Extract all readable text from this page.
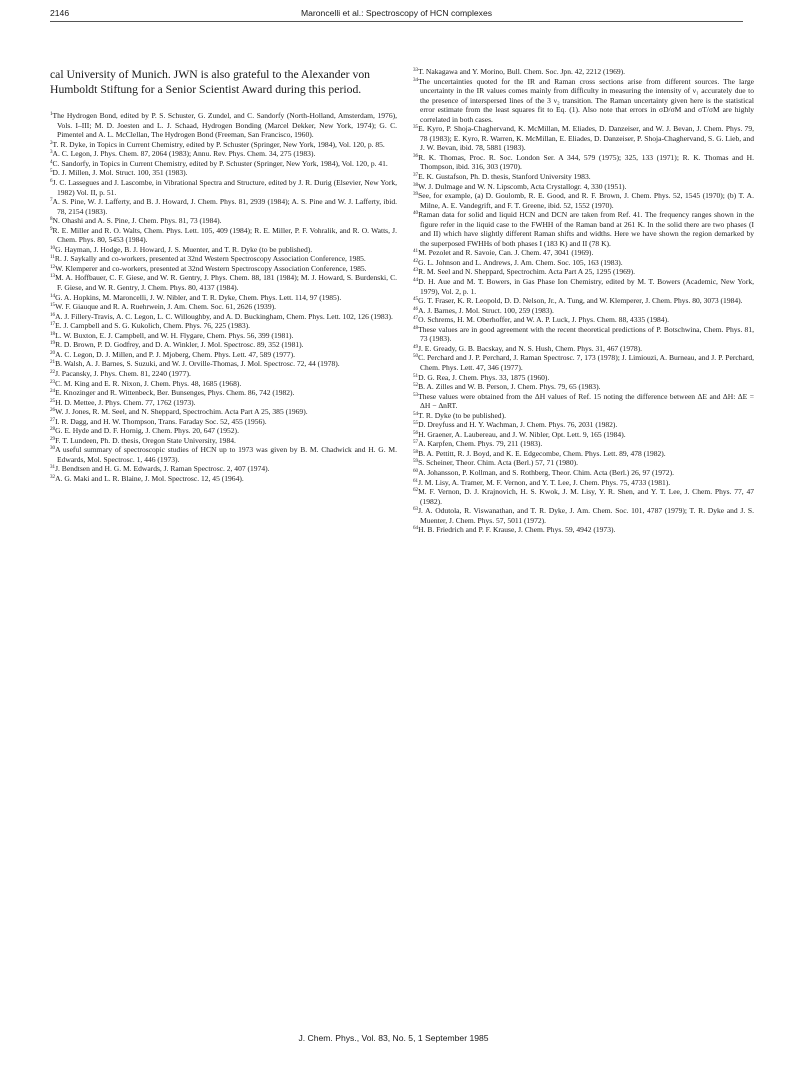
2146	Maroncelli et al.: Spectroscopy of HCN complexes

cal University of Munich. JWN is also grateful to the Alexander von Humboldt Stiftung for a Senior Scientist Award during this period.

$^1$The Hydrogen Bond, edited by P. S. Schuster, G. Zundel, and C. Sandorfy (North-Holland, Amsterdam, 1976), Vols. I–III; M. D. Joesten and L. J. Schaad, Hydrogen Bonding (Marcel Dekker, New York, 1974); G. C. Pimentel and A. L. McClellan, The Hydrogen Bond (Freeman, San Francisco, 1960).

$^2$T. R. Dyke, in Topics in Current Chemistry, edited by P. Schuster (Springer, New York, 1984), Vol. 120, p. 85.

$^3$A. C. Legon, J. Phys. Chem. 87, 2064 (1983); Annu. Rev. Phys. Chem. 34, 275 (1983).

$^4$C. Sandorfy, in Topics in Current Chemistry, edited by P. Schuster (Springer, New York, 1984), Vol. 120, p. 41.

$^5$D. J. Millen, J. Mol. Struct. 100, 351 (1983).

$^6$J. C. Lassegues and J. Lascombe, in Vibrational Spectra and Structure, edited by J. R. Durig (Elsevier, New York, 1982) Vol. II, p. 51.

$^7$A. S. Pine, W. J. Lafferty, and B. J. Howard, J. Chem. Phys. 81, 2939 (1984); A. S. Pine and W. J. Lafferty, ibid. 78, 2154 (1983).

$^8$N. Ohashi and A. S. Pine, J. Chem. Phys. 81, 73 (1984).

$^9$R. E. Miller and R. O. Walts, Chem. Phys. Lett. 105, 409 (1984); R. E. Miller, P. F. Vohralik, and R. O. Watts, J. Chem. Phys. 80, 5453 (1984).

$^{10}$G. Hayman, J. Hodge, B. J. Howard, J. S. Muenter, and T. R. Dyke (to be published).

$^{11}$R. J. Saykally and co-workers, presented at 32nd Western Spectroscopy Association Conference, 1985.

$^{12}$W. Klemperer and co-workers, presented at 32nd Western Spectroscopy Association Conference, 1985.

$^{13}$M. A. Hoffbauer, C. F. Giese, and W. R. Gentry, J. Phys. Chem. 88, 181 (1984); M. J. Howard, S. Burdenski, C. F. Giese, and W. R. Gentry, J. Chem. Phys. 80, 4137 (1984).

$^{14}$G. A. Hopkins, M. Maroncelli, J. W. Nibler, and T. R. Dyke, Chem. Phys. Lett. 114, 97 (1985).

$^{15}$W. F. Giauque and R. A. Ruehrwein, J. Am. Chem. Soc. 61, 2626 (1939).

$^{16}$A. J. Fillery-Travis, A. C. Legon, L. C. Willoughby, and A. D. Buckingham, Chem. Phys. Lett. 102, 126 (1983).

$^{17}$E. J. Campbell and S. G. Kukolich, Chem. Phys. 76, 225 (1983).

$^{18}$L. W. Buxton, E. J. Campbell, and W. H. Flygare, Chem. Phys. 56, 399 (1981).

$^{19}$R. D. Brown, P. D. Godfrey, and D. A. Winkler, J. Mol. Spectrosc. 89, 352 (1981).

$^{20}$A. C. Legon, D. J. Millen, and P. J. Mjoberg, Chem. Phys. Lett. 47, 589 (1977).

$^{21}$B. Walsh, A. J. Barnes, S. Suzuki, and W. J. Orville-Thomas, J. Mol. Spectrosc. 72, 44 (1978).

$^{22}$J. Pacansky, J. Phys. Chem. 81, 2240 (1977).

$^{23}$C. M. King and E. R. Nixon, J. Chem. Phys. 48, 1685 (1968).

$^{24}$E. Knozinger and R. Wittenbeck, Ber. Bunsenges, Phys. Chem. 86, 742 (1982).

$^{25}$H. D. Mettee, J. Phys. Chem. 77, 1762 (1973).

$^{26}$W. J. Jones, R. M. Seel, and N. Sheppard, Spectrochim. Acta Part A 25, 385 (1969).

$^{27}$I. R. Dagg, and H. W. Thompson, Trans. Faraday Soc. 52, 455 (1956).

$^{28}$G. E. Hyde and D. F. Hornig, J. Chem. Phys. 20, 647 (1952).

$^{29}$F. T. Lundeen, Ph. D. thesis, Oregon State University, 1984.

$^{30}$A useful summary of spectroscopic studies of HCN up to 1973 was given by B. M. Chadwick and H. G. M. Edwards, Mol. Spectrosc. 1, 446 (1973).

$^{31}$J. Bendtsen and H. G. M. Edwards, J. Raman Spectrosc. 2, 407 (1974).

$^{32}$A. G. Maki and L. R. Blaine, J. Mol. Spectrosc. 12, 45 (1964).

$^{33}$T. Nakagawa and Y. Morino, Bull. Chem. Soc. Jpn. 42, 2212 (1969).

$^{34}$The uncertainties quoted for the IR and Raman cross sections arise from different sources. The large uncertainty in the IR values comes mainly from difficulty in measuring the intensity of ν₁ accurately due to the presence of interspersed lines of the 3 ν₂ transition. The Raman uncertainty given here is the statistical error estimate from the least squares fit to Eq. (1). Also note that errors in σD/σM and σT/σM are highly correlated in both cases.

$^{35}$E. Kyro, P. Shoja-Chaghervand, K. McMillan, M. Eliades, D. Danzeiser, and W. J. Bevan, J. Chem. Phys. 79, 78 (1983); E. Kyro, R. Warren, K. McMillan, E. Eliades, D. Danzeiser, P. Shoja-Chaghervand, S. G. Lieb, and J. W. Bevan, ibid. 78, 5881 (1983).

$^{36}$R. K. Thomas, Proc. R. Soc. London Ser. A 344, 579 (1975); 325, 133 (1971); R. K. Thomas and H. Thompson, ibid. 316, 303 (1970).

$^{37}$E. K. Gustafson, Ph. D. thesis, Stanford University 1983.

$^{38}$W. J. Dulmage and W. N. Lipscomb, Acta Crystallogr. 4, 330 (1951).

$^{39}$See, for example, (a) D. Goulomb, R. E. Good, and R. F. Brown, J. Chem. Phys. 52, 1545 (1970); (b) T. A. Milne, A. E. Vandegrift, and F. T. Greene, ibid. 52, 1552 (1970).

$^{40}$Raman data for solid and liquid HCN and DCN are taken from Ref. 41. The frequency ranges shown in the figure refer in the liquid case to the FWHH of the Raman band at 261 K. In the solid there are two phases (I and II) which have slightly different Raman shifts and widths. Here we have shown the region demarked by the superposed FWHHs of both phases I (183 K) and II (78 K).

$^{41}$M. Pezolet and R. Savoie, Can. J. Chem. 47, 3041 (1969).

$^{42}$G. L. Johnson and L. Andrews, J. Am. Chem. Soc. 105, 163 (1983).

$^{43}$R. M. Seel and N. Sheppard, Spectrochim. Acta Part A 25, 1295 (1969).

$^{44}$D. H. Aue and M. T. Bowers, in Gas Phase Ion Chemistry, edited by M. T. Bowers (Academic, New York, 1979), Vol. 2, p. 1.

$^{45}$G. T. Fraser, K. R. Leopold, D. D. Nelson, Jr., A. Tung, and W. Klemperer, J. Chem. Phys. 80, 3073 (1984).

$^{46}$A. J. Barnes, J. Mol. Struct. 100, 259 (1983).

$^{47}$O. Schrems, H. M. Oberhoffer, and W. A. P. Luck, J. Phys. Chem. 88, 4335 (1984).

$^{48}$These values are in good agreement with the recent theoretical predictions of P. Botschwina, Chem. Phys. 81, 73 (1983).

$^{49}$J. E. Gready, G. B. Bacskay, and N. S. Hush, Chem. Phys. 31, 467 (1978).

$^{50}$C. Perchard and J. P. Perchard, J. Raman Spectrosc. 7, 173 (1978); J. Limiouzi, A. Burneau, and J. P. Perchard, Chem. Phys. Lett. 47, 346 (1977).

$^{51}$D. G. Rea, J. Chem. Phys. 33, 1875 (1960).

$^{52}$B. A. Zilles and W. B. Person, J. Chem. Phys. 79, 65 (1983).

$^{53}$These values were obtained from the ΔH values of Ref. 15 noting the difference between ΔE and ΔH: ΔE = ΔH − ΔnRT.

$^{54}$T. R. Dyke (to be published).

$^{55}$D. Dreyfuss and H. Y. Wachman, J. Chem. Phys. 76, 2031 (1982).

$^{56}$H. Graener, A. Laubereau, and J. W. Nibler, Opt. Lett. 9, 165 (1984).

$^{57}$A. Karpfen, Chem. Phys. 79, 211 (1983).

$^{58}$B. A. Pettitt, R. J. Boyd, and K. E. Edgecombe, Chem. Phys. Lett. 89, 478 (1982).

$^{59}$S. Scheiner, Theor. Chim. Acta (Berl.) 57, 71 (1980).

$^{60}$A. Johansson, P. Kollman, and S. Rothberg, Theor. Chim. Acta (Berl.) 26, 97 (1972).

$^{61}$J. M. Lisy, A. Tramer, M. F. Vernon, and Y. T. Lee, J. Chem. Phys. 75, 4733 (1981).

$^{62}$M. F. Vernon, D. J. Krajnovich, H. S. Kwok, J. M. Lisy, Y. R. Shen, and Y. T. Lee, J. Chem. Phys. 77, 47 (1982).

$^{63}$J. A. Odutola, R. Viswanathan, and T. R. Dyke, J. Am. Chem. Soc. 101, 4787 (1979); T. R. Dyke and J. S. Muenter, J. Chem. Phys. 57, 5011 (1972).

$^{64}$H. B. Friedrich and P. F. Krause, J. Chem. Phys. 59, 4942 (1973).

J. Chem. Phys., Vol. 83, No. 5, 1 September 1985
